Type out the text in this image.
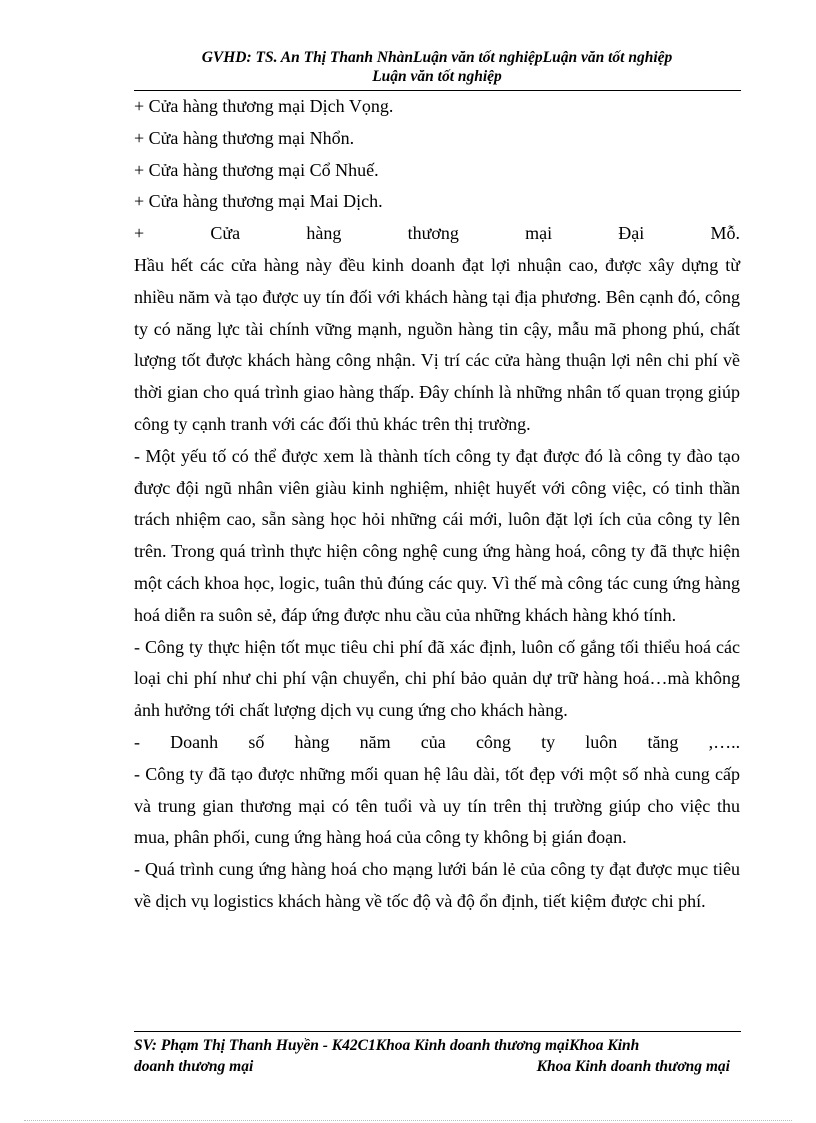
GVHD: TS. An Thị Thanh NhànLuận văn tốt nghiệpLuận văn tốt nghiệp
Luận văn tốt nghiệp

+ Cửa hàng thương mại Dịch Vọng.

+ Cửa hàng thương mại Nhổn.

+ Cửa hàng thương mại Cổ Nhuế.

+ Cửa hàng thương mại Mai Dịch.

+	Cửa	hàng	thương	mại	Đại	Mỗ.

Hầu hết các cửa hàng này đều kinh doanh đạt lợi nhuận cao, được xây dựng từ nhiều năm và tạo được uy tín đối với khách hàng tại địa phương. Bên cạnh đó, công ty có năng lực tài chính vững mạnh, nguồn hàng tin cậy, mẫu mã phong phú, chất lượng tốt được khách hàng công nhận. Vị trí các cửa hàng thuận lợi nên chi phí về thời gian cho quá trình giao hàng thấp. Đây chính là những nhân tố quan trọng giúp công ty cạnh tranh với các đối thủ khác trên thị trường.

- Một yếu tố có thể được xem là thành tích công ty đạt được đó là công ty đào tạo được đội ngũ nhân viên giàu kinh nghiệm, nhiệt huyết với công việc, có tinh thần trách nhiệm cao, sẵn sàng học hỏi những cái mới, luôn đặt lợi ích của công ty lên trên. Trong quá trình thực hiện công nghệ cung ứng hàng hoá, công ty đã thực hiện một cách khoa học, logic, tuân thủ đúng các quy. Vì thế mà công tác cung ứng hàng hoá diễn ra suôn sẻ, đáp ứng được nhu cầu của những khách hàng khó tính.

- Công ty thực hiện tốt mục tiêu chi phí đã xác định, luôn cố gắng tối thiểu hoá các loại chi phí như chi phí vận chuyển, chi phí bảo quản dự trữ hàng hoá…mà không ảnh hưởng tới chất lượng dịch vụ cung ứng cho khách hàng.

- Doanh số hàng năm của công ty luôn tăng ,…..

- Công ty đã tạo được những mối quan hệ lâu dài, tốt đẹp với một số nhà cung cấp và trung gian thương mại có tên tuổi và uy tín trên thị trường giúp cho việc thu mua, phân phối, cung ứng hàng hoá của công ty không bị gián đoạn.

- Quá trình cung ứng hàng hoá cho mạng lưới bán lẻ của công ty đạt được mục tiêu về dịch vụ logistics khách hàng về tốc độ và độ ổn định, tiết kiệm được chi phí.

SV: Phạm Thị Thanh Huyền - K42C1Khoa Kinh doanh thương mạiKhoa Kinh
doanh thương mại	Khoa Kinh doanh thương mại
